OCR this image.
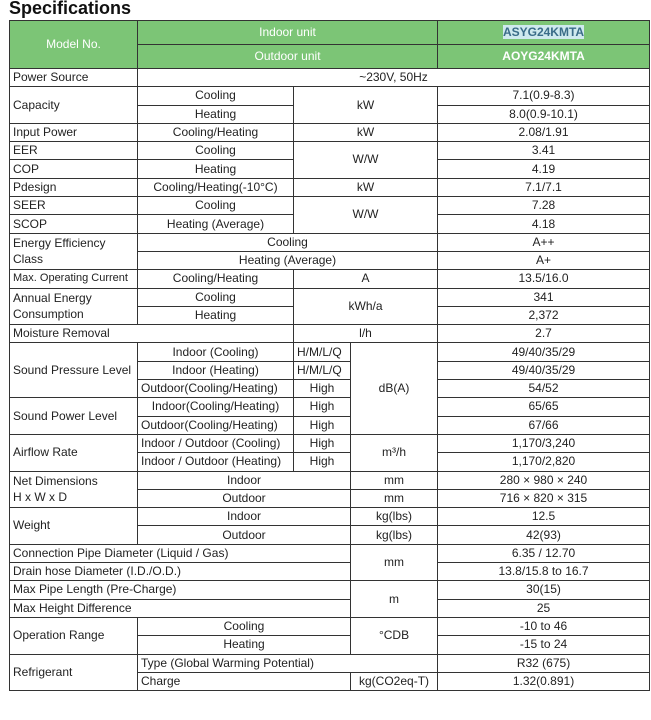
Specifications
Model No.	Indoor unit			ASYG24KMTA
	Outdoor unit			AOYG24KMTA
Power Source	~230V, 50Hz			
Capacity	Cooling	kW		7.1(0.9-8.3)
	Heating			8.0(0.9-10.1)
Input Power	Cooling/Heating	kW		2.08/1.91
EER	Cooling	W/W		3.41
COP	Heating			4.19
Pdesign	Cooling/Heating(-10°C)	kW		7.1/7.1
SEER	Cooling	W/W		7.28
SCOP	Heating (Average)			4.18
Energy Efficiency
Class	Cooling			A++
	Heating (Average)			A+
Max. Operating Current	Cooling/Heating	A		13.5/16.0
Annual Energy
Consumption	Cooling	kWh/a		341
	Heating			2,372
Moisture Removal		l/h		2.7
Sound Pressure Level	Indoor (Cooling)	H/M/L/Q	dB(A)	49/40/35/29
	Indoor (Heating)	H/M/L/Q		49/40/35/29
	Outdoor(Cooling/Heating)	High		54/52
Sound Power Level	Indoor(Cooling/Heating)	High		65/65
	Outdoor(Cooling/Heating)	High		67/66
Airflow Rate	Indoor / Outdoor (Cooling)	High	m³/h	1,170/3,240
	Indoor / Outdoor (Heating)	High		1,170/2,820
Net Dimensions
H x W x D	Indoor		mm	280 × 980 × 240
	Outdoor		mm	716 × 820 × 315
Weight	Indoor		kg(lbs)	12.5
	Outdoor		kg(lbs)	42(93)
Connection Pipe Diameter (Liquid / Gas)			mm	6.35 / 12.70
Drain hose Diameter (I.D./O.D.)				13.8/15.8 to 16.7
Max Pipe Length (Pre-Charge)			m	30(15)
Max Height Difference				25
Operation Range	Cooling		°CDB	-10 to 46
	Heating			-15 to 24
Refrigerant	Type (Global Warming Potential)			R32 (675)
	Charge		kg(CO2eq-T)	1.32(0.891)
